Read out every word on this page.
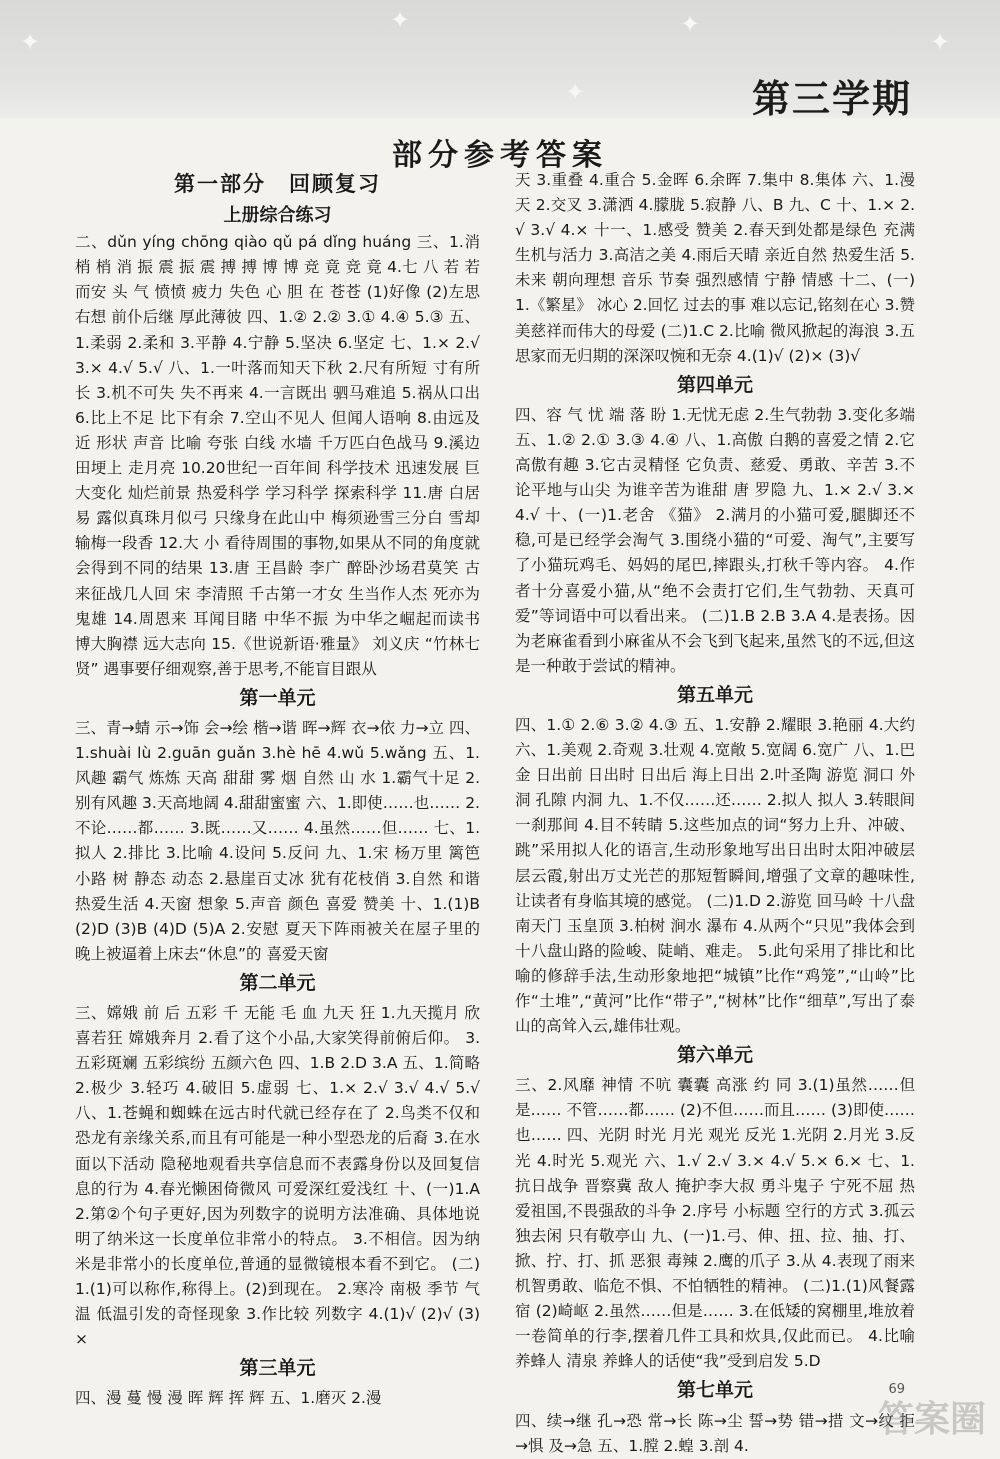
✦
✦	✦
✦
✦	第三学期
部分参考答案
第一部分　回顾复习
上册综合练习

二、dǔn yíng chōng qiào qǔ pá dǐng huáng 三、1.消 梢 梢 消 振 震 振 震 搏 搏 博 博 竞 竟 竞 竟 4.七 八 若 若 而安 头 气 愤愤 疲力 失色 心 胆 在 苍苍 (1)好像 (2)左思右想 前仆后继 厚此薄彼 四、1.② 2.② 3.① 4.④ 5.③ 五、1.柔弱 2.柔和 3.平静 4.宁静 5.坚决 6.坚定 七、1.× 2.√ 3.× 4.√ 5.√ 八、1.一叶落而知天下秋 2.尺有所短 寸有所长 3.机不可失 失不再来 4.一言既出 驷马难追 5.祸从口出 6.比上不足 比下有余 7.空山不见人 但闻人语响 8.由远及近 形状 声音 比喻 夸张 白线 水墙 千万匹白色战马 9.溪边 田埂上 走月亮 10.20世纪一百年间 科学技术 迅速发展 巨大变化 灿烂前景 热爱科学 学习科学 探索科学 11.唐 白居易 露似真珠月似弓 只缘身在此山中 梅须逊雪三分白 雪却输梅一段香 12.大 小 看待周围的事物,如果从不同的角度就会得到不同的结果 13.唐 王昌龄 李广 醉卧沙场君莫笑 古来征战几人回 宋 李清照 千古第一才女 生当作人杰 死亦为鬼雄 14.周恩来 耳闻目睹 中华不振 为中华之崛起而读书 博大胸襟 远大志向 15.《世说新语·雅量》 刘义庆 “竹林七贤” 遇事要仔细观察,善于思考,不能盲目跟从

第一单元

三、青→蜻 示→饰 会→绘 楷→谐 晖→辉 衣→依 力→立 四、1.shuài lù 2.guān guǎn 3.hè hē 4.wǔ 5.wǎng 五、1.风趣 霸气 炼炼 天高 甜甜 雾 烟 自然 山 水 1.霸气十足 2.别有风趣 3.天高地阔 4.甜甜蜜蜜 六、1.即使……也…… 2.不论……都…… 3.既……又…… 4.虽然……但…… 七、1.拟人 2.排比 3.比喻 4.设问 5.反问 九、1.宋 杨万里 篱笆 小路 树 静态 动态 2.悬崖百丈冰 犹有花枝俏 3.自然 和谐 热爱生活 4.天窗 想象 5.声音 颜色 喜爱 赞美 十、1.(1)B (2)D (3)B (4)D (5)A 2.安慰 夏天下阵雨被关在屋子里的 晚上被逼着上床去“休息”的 喜爱天窗

第二单元

三、嫦娥 前 后 五彩 千 无能 毛 血 九天 狂 1.九天揽月 欣喜若狂 嫦娥奔月 2.看了这个小品,大家笑得前俯后仰。 3.五彩斑斓 五彩缤纷 五颜六色 四、1.B 2.D 3.A 五、1.简略 2.极少 3.轻巧 4.破旧 5.虚弱 七、1.× 2.√ 3.√ 4.√ 5.√ 八、1.苍蝇和蜘蛛在远古时代就已经存在了 2.鸟类不仅和恐龙有亲缘关系,而且有可能是一种小型恐龙的后裔 3.在水面以下活动 隐秘地观看共享信息而不表露身份以及回复信息的行为 4.春光懒困倚微风 可爱深红爱浅红 十、(一)1.A 2.第②个句子更好,因为列数字的说明方法准确、具体地说明了纳米这一长度单位非常小的特点。 3.不相信。因为纳米是非常小的长度单位,普通的显微镜根本看不到它。 (二)1.(1)可以称作,称得上。(2)到现在。 2.寒冷 南极 季节 气温 低温引发的奇怪现象 3.作比较 列数字 4.(1)√ (2)√ (3)×

第三单元

四、漫 蔓 慢 漫 晖 辉 挥 辉 五、1.磨灭 2.漫

天 3.重叠 4.重合 5.金晖 6.余晖 7.集中 8.集体 六、1.漫天 2.交叉 3.潇洒 4.朦胧 5.寂静 八、B 九、C 十、1.× 2.√ 3.√ 4.× 十一、1.感受 赞美 2.春天到处都是绿色 充满生机与活力 3.高洁之美 4.雨后天晴 亲近自然 热爱生活 5.未来 朝向理想 音乐 节奏 强烈感情 宁静 情感 十二、(一)1.《繁星》 冰心 2.回忆 过去的事 难以忘记,铭刻在心 3.赞美慈祥而伟大的母爱 (二)1.C 2.比喻 微风掀起的海浪 3.五 思家而无归期的深深叹惋和无奈 4.(1)√ (2)× (3)√

第四单元

四、容 气 忧 端 落 盼 1.无忧无虑 2.生气勃勃 3.变化多端 五、1.② 2.① 3.③ 4.④ 八、1.高傲 白鹅的喜爱之情 2.它高傲有趣 3.它古灵精怪 它负责、慈爱、勇敢、辛苦 3.不论平地与山尖 为谁辛苦为谁甜 唐 罗隐 九、1.× 2.√ 3.× 4.√ 十、(一)1.老舍 《猫》 2.满月的小猫可爱,腿脚还不稳,可是已经学会淘气 3.围绕小猫的“可爱、淘气”,主要写了小猫玩鸡毛、妈妈的尾巴,摔跟头,打秋千等内容。 4.作者十分喜爱小猫,从“绝不会责打它们,生气勃勃、天真可爱”等词语中可以看出来。 (二)1.B 2.B 3.A 4.是表扬。因为老麻雀看到小麻雀从不会飞到飞起来,虽然飞的不远,但这是一种敢于尝试的精神。

第五单元

四、1.① 2.⑥ 3.② 4.③ 五、1.安静 2.耀眼 3.艳丽 4.大约 六、1.美观 2.奇观 3.壮观 4.宽敞 5.宽阔 6.宽广 八、1.巴金 日出前 日出时 日出后 海上日出 2.叶圣陶 游览 洞口 外洞 孔隙 内洞 九、1.不仅……还…… 2.拟人 拟人 3.转眼间 一刹那间 4.目不转睛 5.这些加点的词“努力上升、冲破、跳”采用拟人化的语言,生动形象地写出日出时太阳冲破层层云霞,射出万丈光芒的那短暂瞬间,增强了文章的趣味性,让读者有身临其境的感觉。 (二)1.D 2.游览 回马岭 十八盘 南天门 玉皇顶 3.柏树 涧水 瀑布 4.从两个“只见”我体会到十八盘山路的险峻、陡峭、难走。 5.此句采用了排比和比喻的修辞手法,生动形象地把“城镇”比作“鸡笼”,“山岭”比作“土堆”,“黄河”比作“带子”,“树林”比作“细草”,写出了泰山的高耸入云,雄伟壮观。

第六单元

三、2.风靡 神情 不吭 囊囊 高涨 约 同 3.(1)虽然……但是…… 不管……都…… (2)不但……而且…… (3)即使……也…… 四、光阴 时光 月光 观光 反光 1.光阴 2.月光 3.反光 4.时光 5.观光 六、1.√ 2.√ 3.× 4.√ 5.× 6.× 七、1.抗日战争 晋察冀 敌人 掩护李大叔 勇斗鬼子 宁死不屈 热爱祖国,不畏强敌的斗争 2.序号 小标题 空行的方式 3.孤云独去闲 只有敬亭山 九、(一)1.弓、伸、扭、拉、抽、打、掀、拧、打、抓 恶狠 毒辣 2.鹰的爪子 3.从 4.表现了雨来机智勇敢、临危不惧、不怕牺牲的精神。 (二)1.(1)风餐露宿 (2)崎岖 2.虽然……但是…… 3.在低矮的窝棚里,堆放着一卷简单的行李,摆着几件工具和炊具,仅此而已。 4.比喻 养蜂人 清泉 养蜂人的话使“我”受到启发 5.D

第七单元

四、续→继 孔→恐 常→长 陈→尘 誓→势 错→措 文→纹 拒→惧 及→急 五、1.膛 2.蝗 3.剖 4.

69
答案圈
